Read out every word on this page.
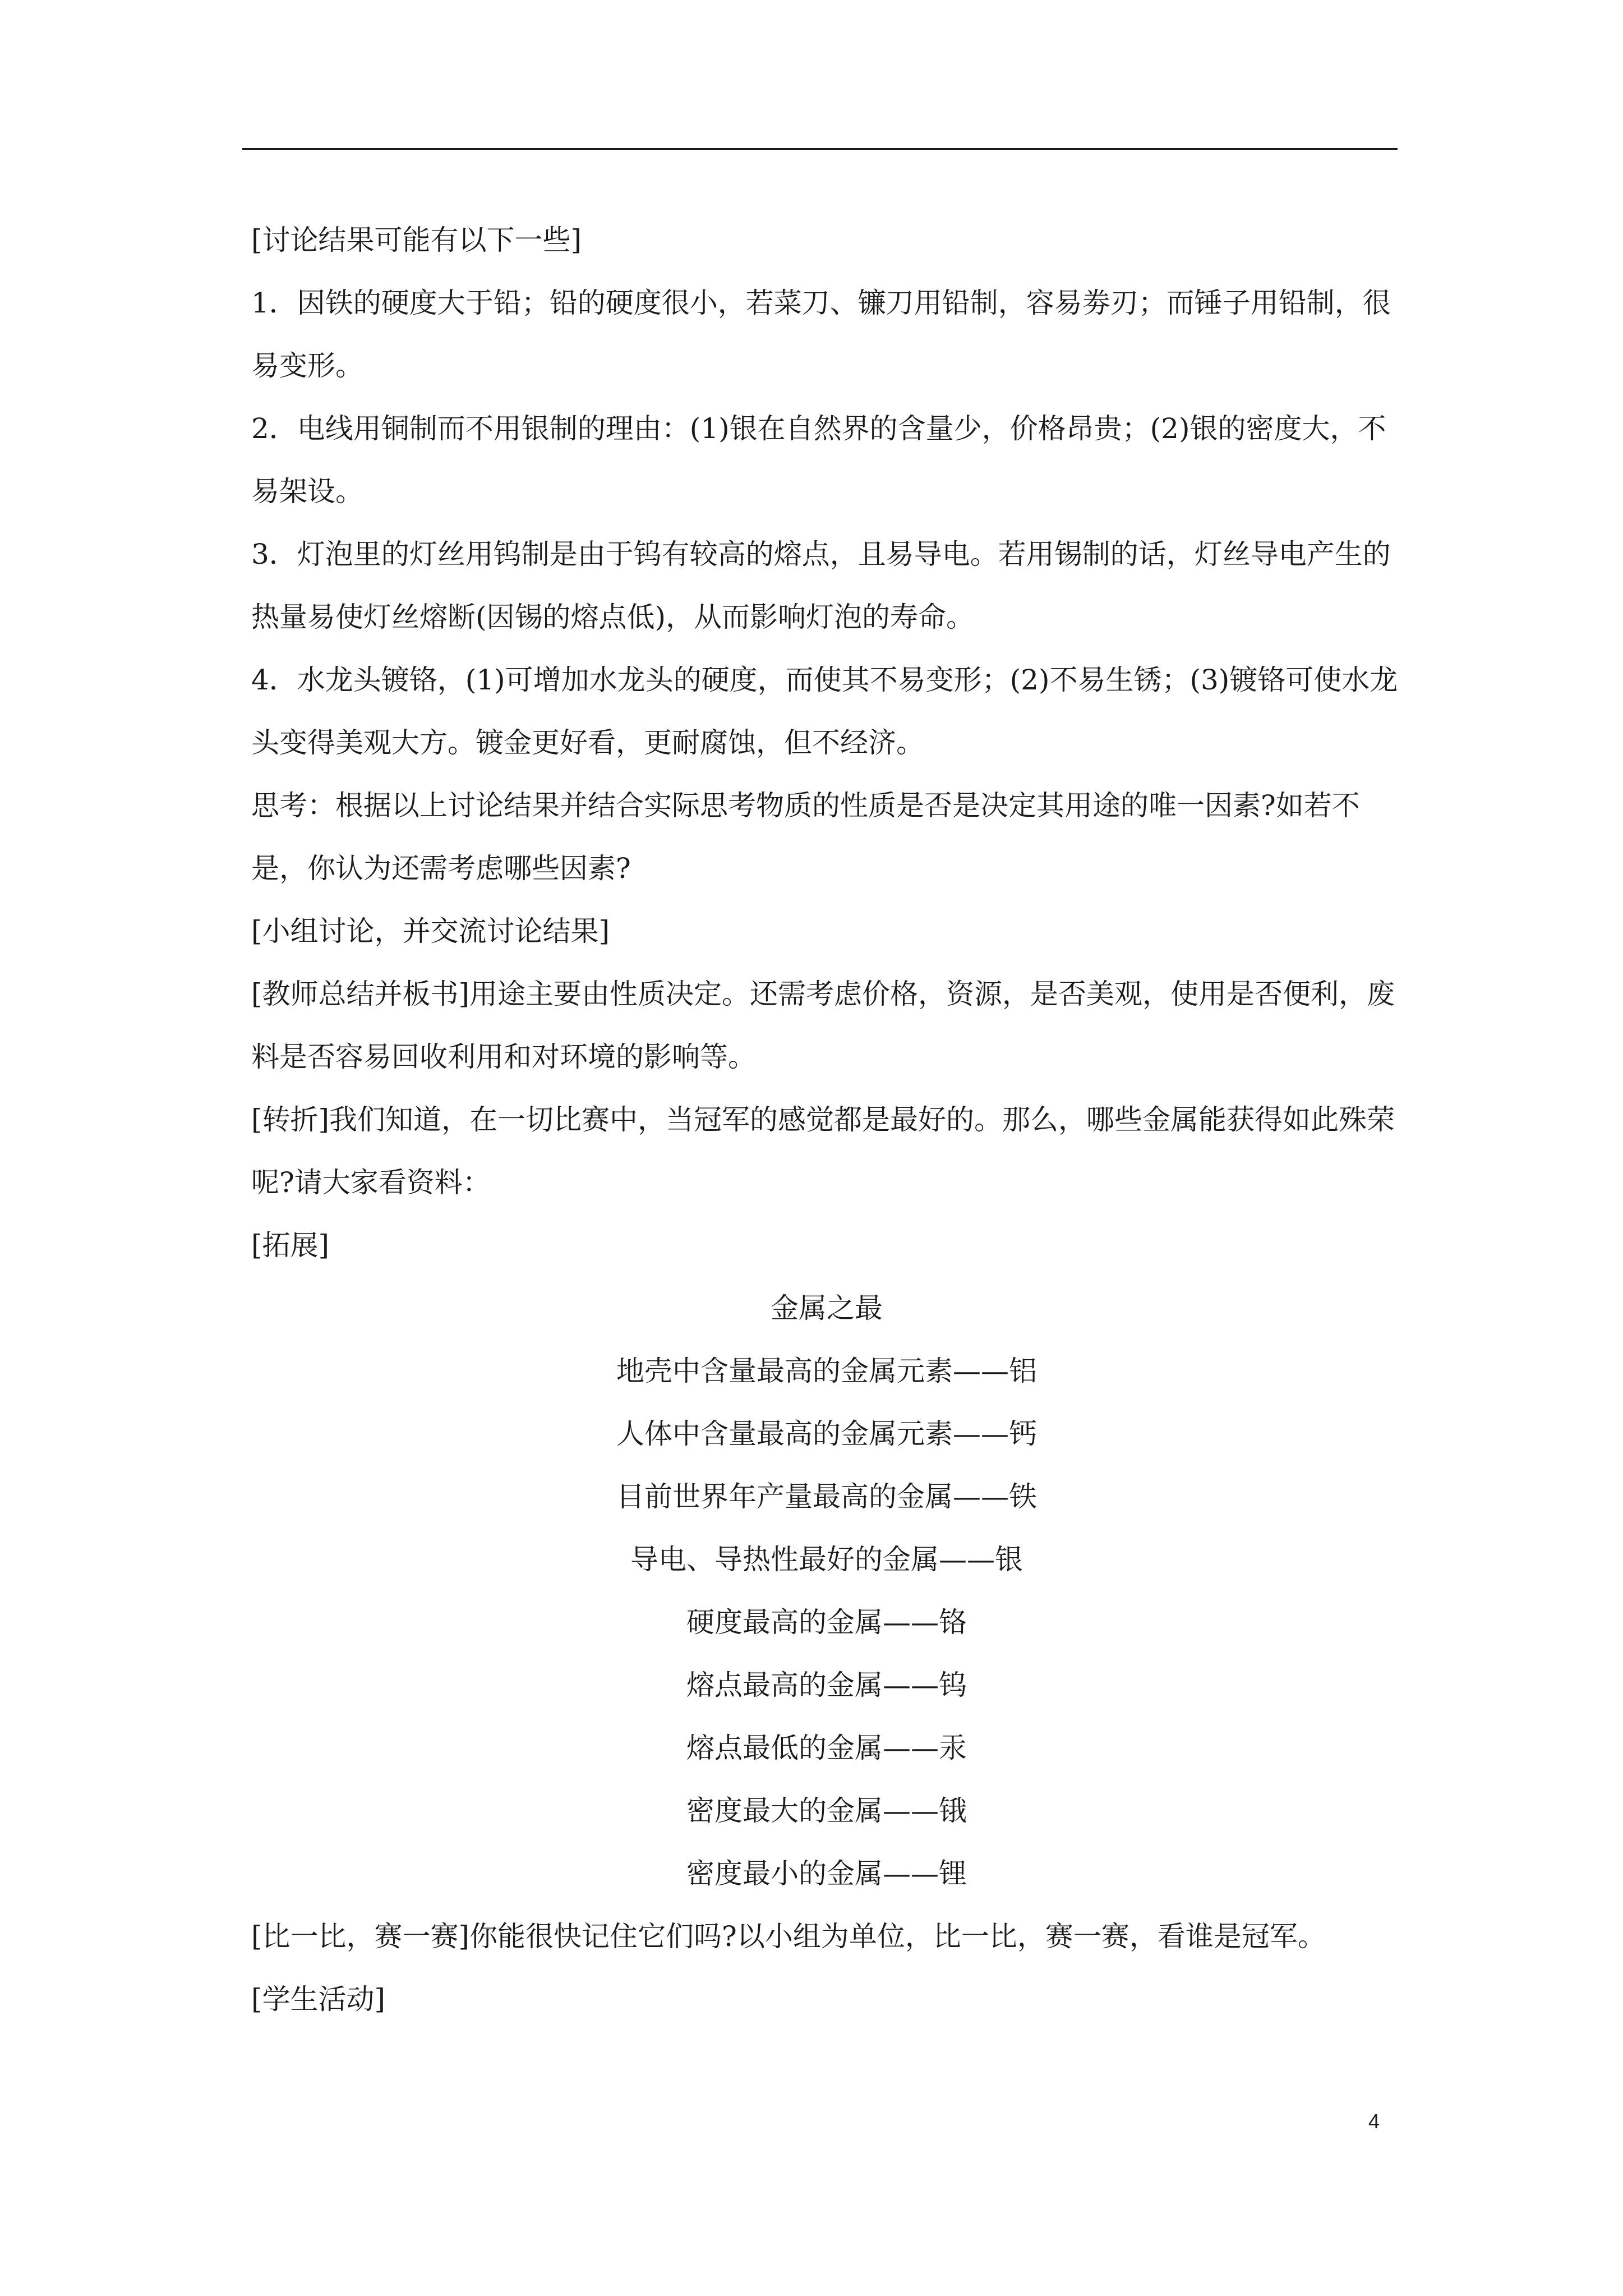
[讨论结果可能有以下一些]

1．因铁的硬度大于铅；铅的硬度很小，若菜刀、镰刀用铅制，容易劵刃；而锤子用铅制，很易变形。

2．电线用铜制而不用银制的理由：(1)银在自然界的含量少，价格昂贵；(2)银的密度大，不易架设。

3．灯泡里的灯丝用钨制是由于钨有较高的熔点，且易导电。若用锡制的话，灯丝导电产生的热量易使灯丝熔断(因锡的熔点低)，从而影响灯泡的寿命。

4．水龙头镀铬，(1)可增加水龙头的硬度，而使其不易变形；(2)不易生锈；(3)镀铬可使水龙头变得美观大方。镀金更好看，更耐腐蚀，但不经济。

思考：根据以上讨论结果并结合实际思考物质的性质是否是决定其用途的唯一因素?如若不是，你认为还需考虑哪些因素?

[小组讨论，并交流讨论结果]

[教师总结并板书]用途主要由性质决定。还需考虑价格，资源，是否美观，使用是否便利，废料是否容易回收利用和对环境的影响等。

[转折]我们知道，在一切比赛中，当冠军的感觉都是最好的。那么，哪些金属能获得如此殊荣呢?请大家看资料：

[拓展]

金属之最
地壳中含量最高的金属元素——铝
人体中含量最高的金属元素——钙
目前世界年产量最高的金属——铁
导电、导热性最好的金属——银
硬度最高的金属——铬
熔点最高的金属——钨
熔点最低的金属——汞
密度最大的金属——锇
密度最小的金属——锂

[比一比，赛一赛]你能很快记住它们吗?以小组为单位，比一比，赛一赛，看谁是冠军。

[学生活动]

4
